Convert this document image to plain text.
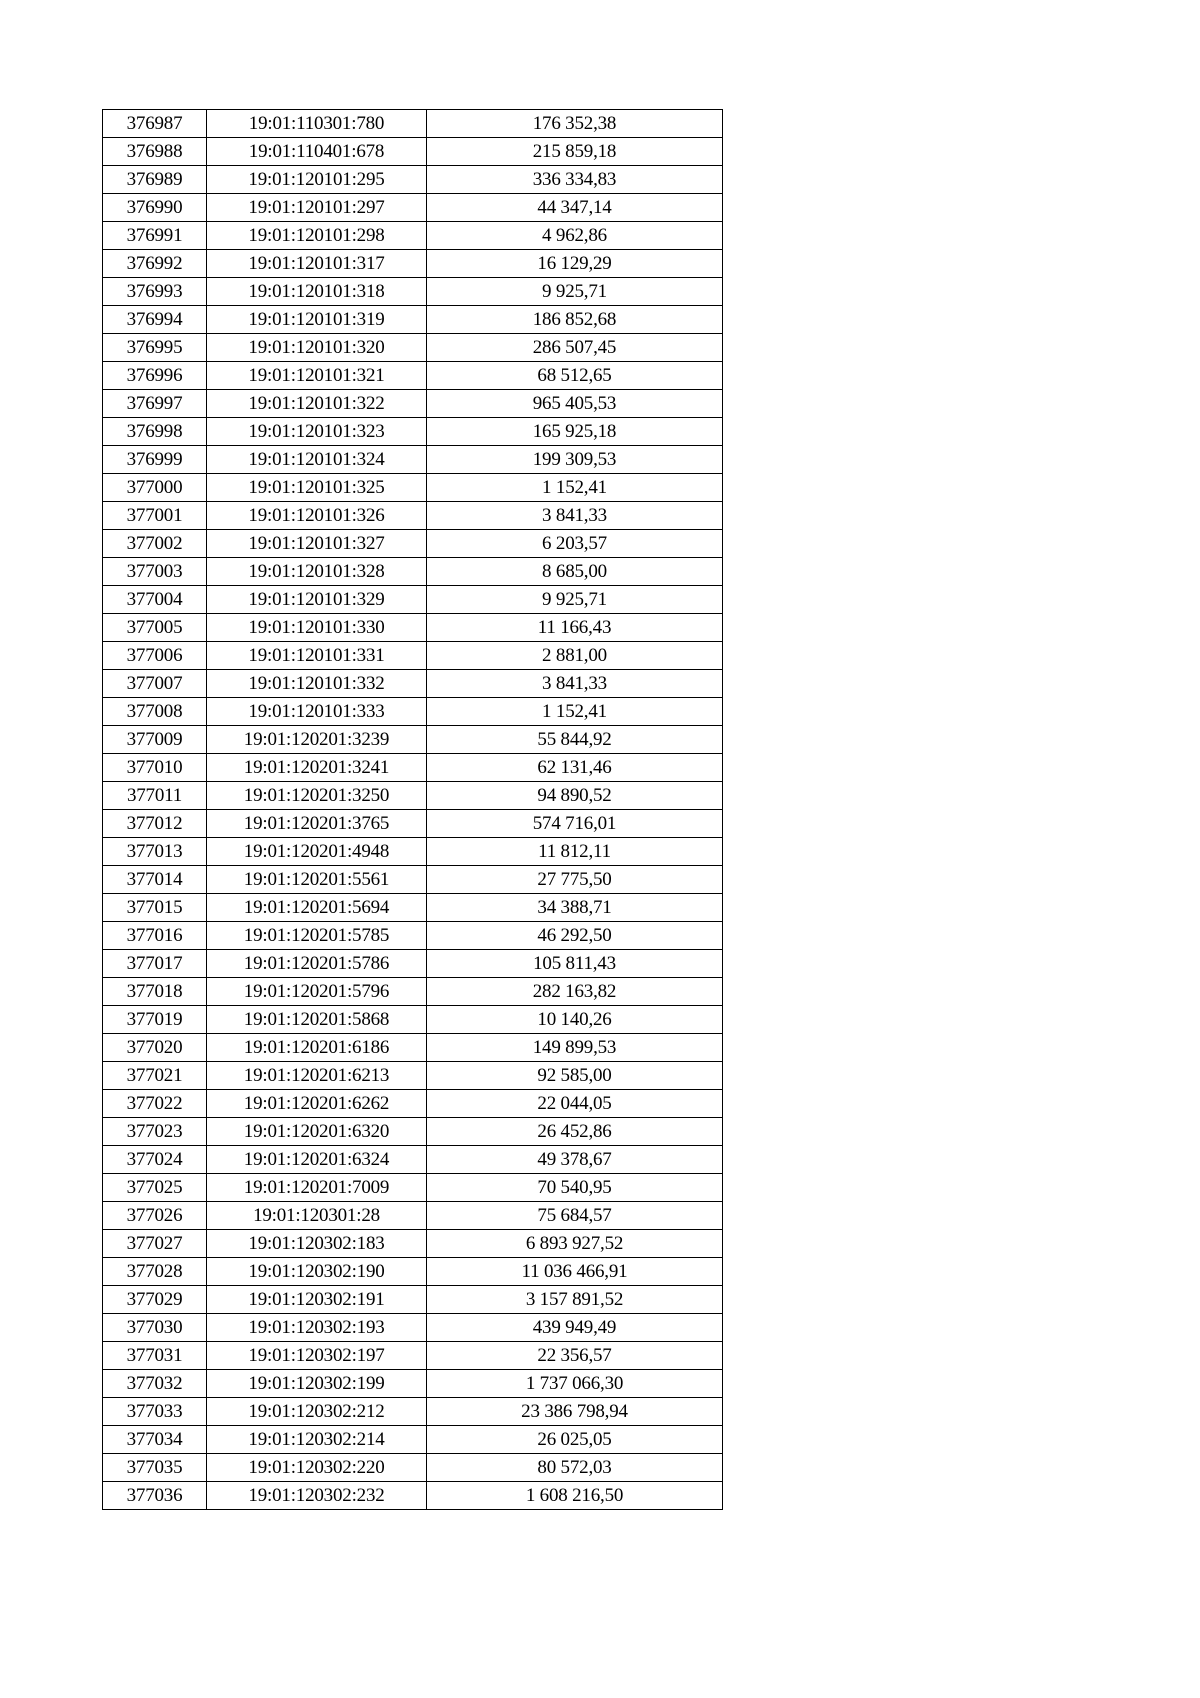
376987	19:01:110301:780	176 352,38
376988	19:01:110401:678	215 859,18
376989	19:01:120101:295	336 334,83
376990	19:01:120101:297	44 347,14
376991	19:01:120101:298	4 962,86
376992	19:01:120101:317	16 129,29
376993	19:01:120101:318	9 925,71
376994	19:01:120101:319	186 852,68
376995	19:01:120101:320	286 507,45
376996	19:01:120101:321	68 512,65
376997	19:01:120101:322	965 405,53
376998	19:01:120101:323	165 925,18
376999	19:01:120101:324	199 309,53
377000	19:01:120101:325	1 152,41
377001	19:01:120101:326	3 841,33
377002	19:01:120101:327	6 203,57
377003	19:01:120101:328	8 685,00
377004	19:01:120101:329	9 925,71
377005	19:01:120101:330	11 166,43
377006	19:01:120101:331	2 881,00
377007	19:01:120101:332	3 841,33
377008	19:01:120101:333	1 152,41
377009	19:01:120201:3239	55 844,92
377010	19:01:120201:3241	62 131,46
377011	19:01:120201:3250	94 890,52
377012	19:01:120201:3765	574 716,01
377013	19:01:120201:4948	11 812,11
377014	19:01:120201:5561	27 775,50
377015	19:01:120201:5694	34 388,71
377016	19:01:120201:5785	46 292,50
377017	19:01:120201:5786	105 811,43
377018	19:01:120201:5796	282 163,82
377019	19:01:120201:5868	10 140,26
377020	19:01:120201:6186	149 899,53
377021	19:01:120201:6213	92 585,00
377022	19:01:120201:6262	22 044,05
377023	19:01:120201:6320	26 452,86
377024	19:01:120201:6324	49 378,67
377025	19:01:120201:7009	70 540,95
377026	19:01:120301:28	75 684,57
377027	19:01:120302:183	6 893 927,52
377028	19:01:120302:190	11 036 466,91
377029	19:01:120302:191	3 157 891,52
377030	19:01:120302:193	439 949,49
377031	19:01:120302:197	22 356,57
377032	19:01:120302:199	1 737 066,30
377033	19:01:120302:212	23 386 798,94
377034	19:01:120302:214	26 025,05
377035	19:01:120302:220	80 572,03
377036	19:01:120302:232	1 608 216,50
